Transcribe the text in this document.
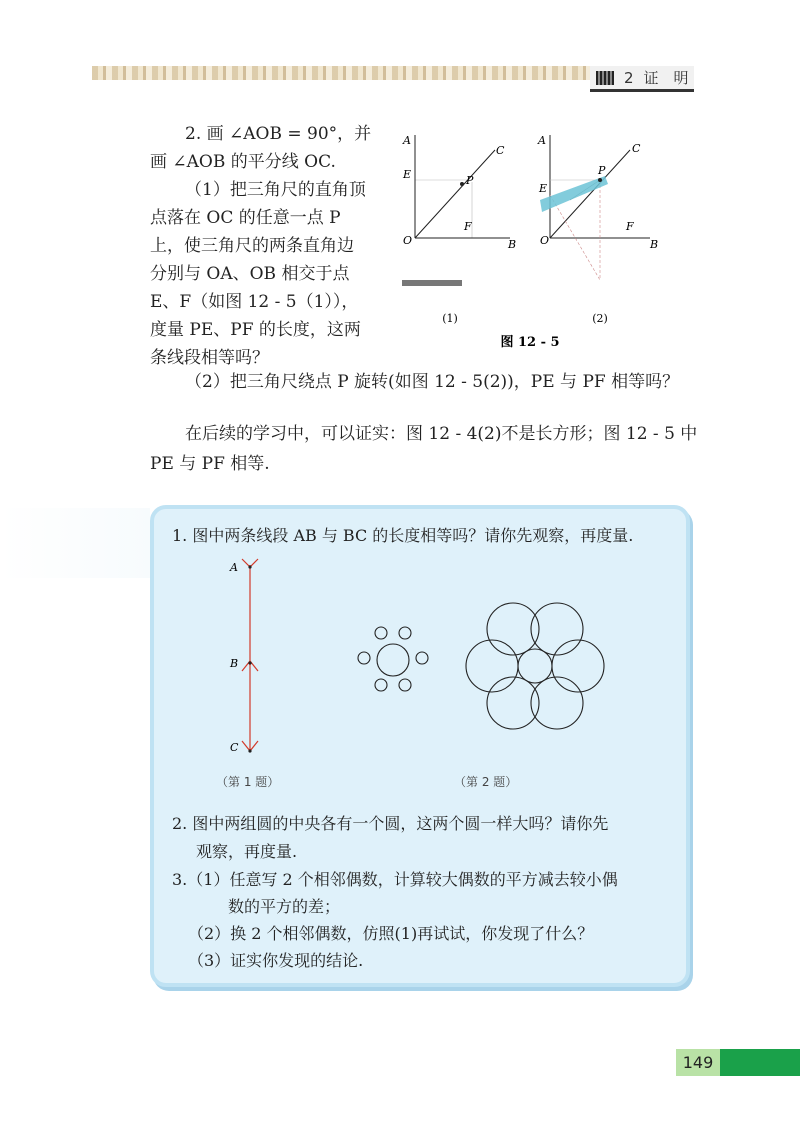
2 证　明
2. 画 ∠AOB = 90°，并
画 ∠AOB 的平分线 OC.
（1）把三角尺的直角顶
点落在 OC 的任意一点 P
上，使三角尺的两条直角边
分别与 OA、OB 相交于点
E、F（如图 12 - 5（1）），
度量 PE、PF 的长度，这两
条线段相等吗？
（2）把三角尺绕点 P 旋转(如图 12 - 5(2))，PE 与 PF 相等吗？
A
C
E	P
F
O	B
(1)
A
C
E
P
F
O	B
(2)
图 12 - 5
在后续的学习中，可以证实：图 12 - 4(2)不是长方形；图 12 - 5 中
PE 与 PF 相等.
1. 图中两条线段 AB 与 BC 的长度相等吗？请你先观察，再度量.
A
B
C
（第 1 题）	（第 2 题）
2. 图中两组圆的中央各有一个圆，这两个圆一样大吗？请你先
观察，再度量.
3.（1）任意写 2 个相邻偶数，计算较大偶数的平方减去较小偶
数的平方的差；
（2）换 2 个相邻偶数，仿照(1)再试试，你发现了什么？
（3）证实你发现的结论.
149
